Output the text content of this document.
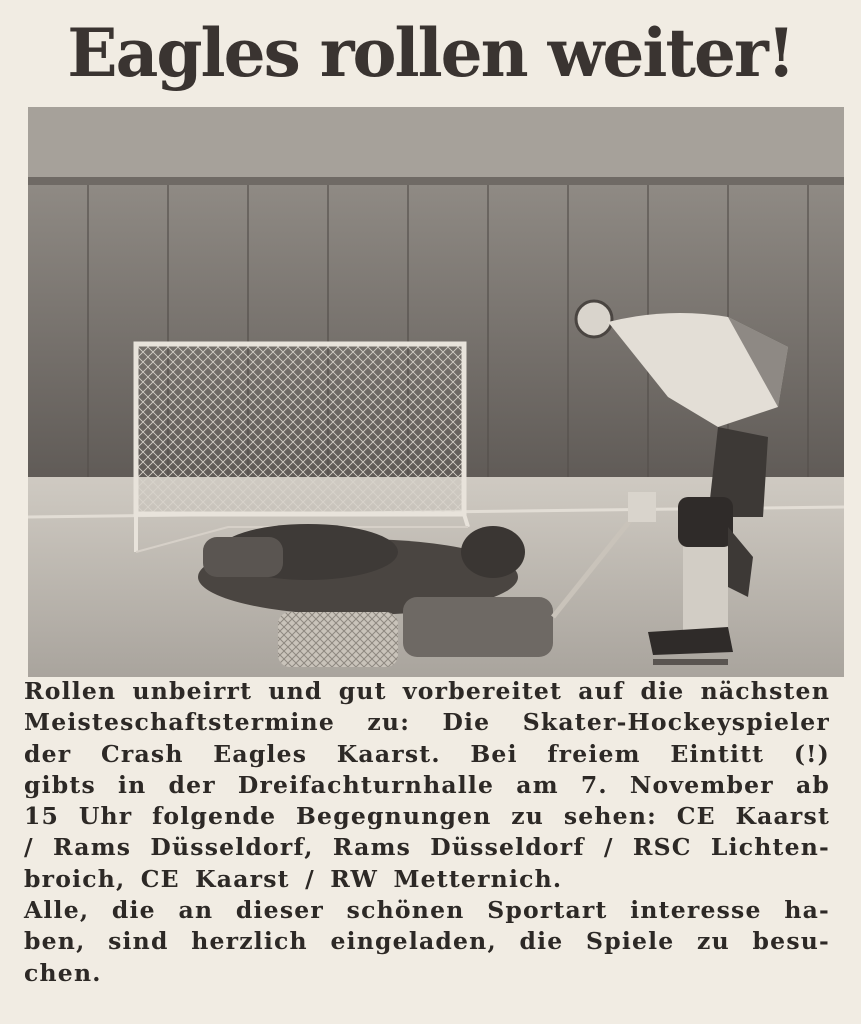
Eagles rollen weiter!
Rollen unbeirrt und gut vorbereitet auf die nächsten
Meisteschaftstermine zu: Die Skater-Hockeyspieler
der Crash Eagles Kaarst. Bei freiem Eintitt (!)
gibts in der Dreifachturnhalle am 7. November ab
15 Uhr folgende Begegnungen zu sehen: CE Kaarst
/ Rams Düsseldorf, Rams Düsseldorf / RSC Lichten-
broich, CE Kaarst / RW Metternich.
Alle, die an dieser schönen Sportart interesse ha-
ben, sind herzlich eingeladen, die Spiele zu besu-
chen.
